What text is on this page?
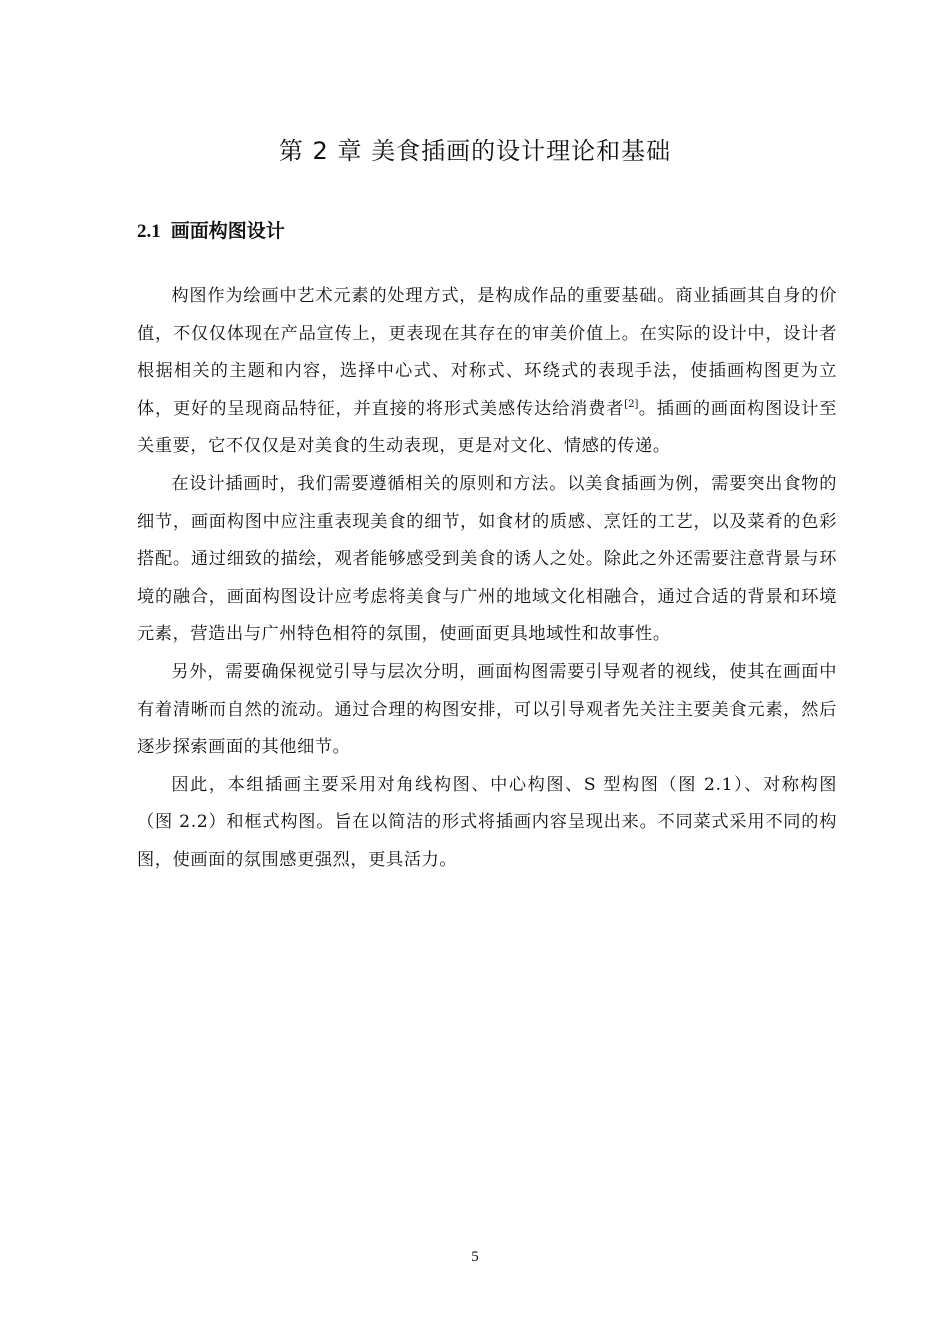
第 2 章 美食插画的设计理论和基础
2.1 画面构图设计

构图作为绘画中艺术元素的处理方式，是构成作品的重要基础。商业插画其自身的价值，不仅仅体现在产品宣传上，更表现在其存在的审美价值上。在实际的设计中，设计者根据相关的主题和内容，选择中心式、对称式、环绕式的表现手法，使插画构图更为立体，更好的呈现商品特征，并直接的将形式美感传达给消费者[2]。插画的画面构图设计至关重要，它不仅仅是对美食的生动表现，更是对文化、情感的传递。

在设计插画时，我们需要遵循相关的原则和方法。以美食插画为例，需要突出食物的细节，画面构图中应注重表现美食的细节，如食材的质感、烹饪的工艺，以及菜肴的色彩搭配。通过细致的描绘，观者能够感受到美食的诱人之处。除此之外还需要注意背景与环境的融合，画面构图设计应考虑将美食与广州的地域文化相融合，通过合适的背景和环境元素，营造出与广州特色相符的氛围，使画面更具地域性和故事性。

另外，需要确保视觉引导与层次分明，画面构图需要引导观者的视线，使其在画面中有着清晰而自然的流动。通过合理的构图安排，可以引导观者先关注主要美食元素，然后逐步探索画面的其他细节。

因此，本组插画主要采用对角线构图、中心构图、S 型构图（图 2.1）、对称构图（图 2.2）和框式构图。旨在以简洁的形式将插画内容呈现出来。不同菜式采用不同的构图，使画面的氛围感更强烈，更具活力。

5
